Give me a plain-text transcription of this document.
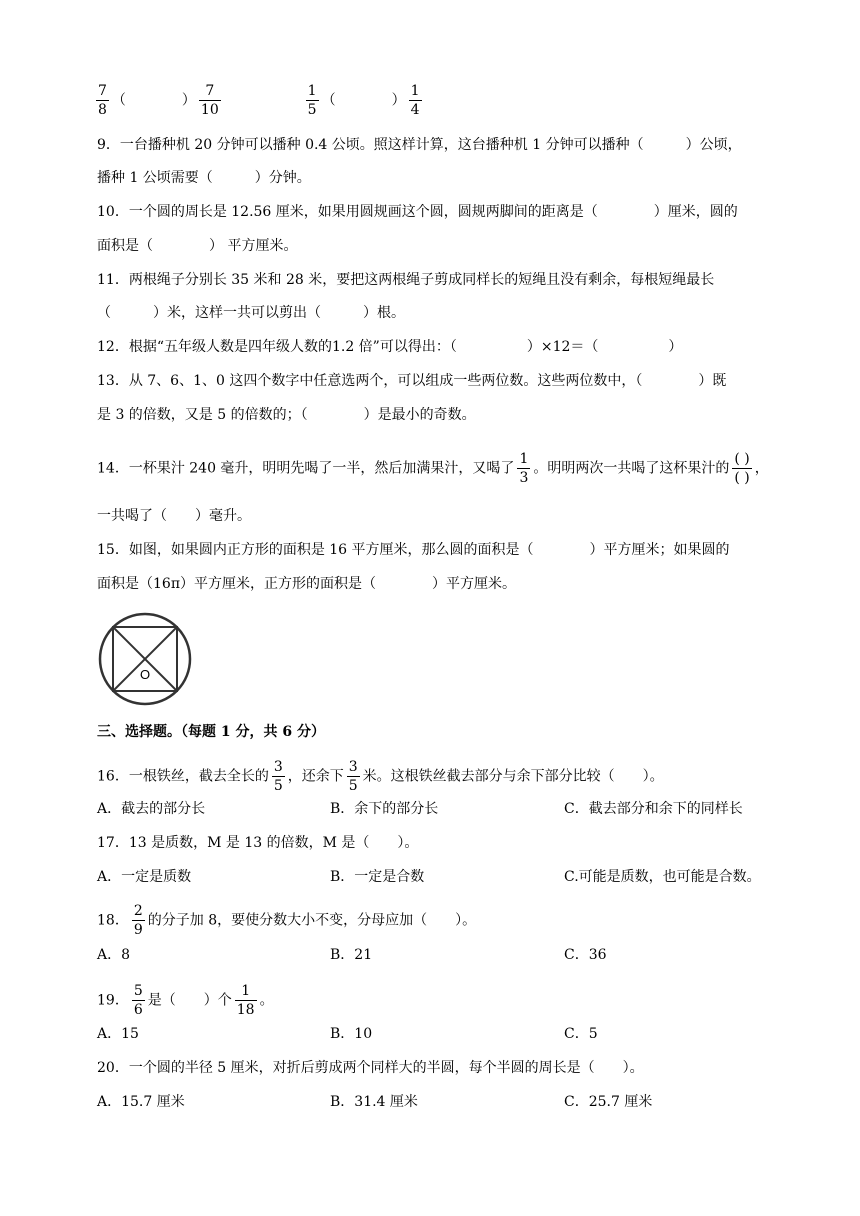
$\frac{7}{8}$ （　　　　） $\frac{7}{10}$
	$\frac{1}{5}$ （　　　　） $\frac{1}{4}$
9．一台播种机 20 分钟可以播种 0.4 公顷。照这样计算，这台播种机 1 分钟可以播种（　　　）公顷，
播种 1 公顷需要（　　　）分钟。
10．一个圆的周长是 12.56 厘米，如果用圆规画这个圆，圆规两脚间的距离是（　　　　）厘米，圆的
面积是（　　　　） 平方厘米。
11．两根绳子分别长 35 米和 28 米，要把这两根绳子剪成同样长的短绳且没有剩余，每根短绳最长
（　　　）米，这样一共可以剪出（　　　）根。
12．根据“五年级人数是四年级人数的1.2 倍”可以得出：（　　　　　）×12＝（　　　　　）
13．从 7、6、1、0 这四个数字中任意选两个，可以组成一些两位数。这些两位数中，（　　　　）既
是 3 的倍数，又是 5 的倍数的；（　　　　）是最小的奇数。
14．一杯果汁 240 毫升，明明先喝了一半，然后加满果汁，又喝了 $\frac{1}{3}$ 。明明两次一共喝了这杯果汁的 $\frac{( )}{( )}$ ，
一共喝了（　　）毫升。
15．如图，如果圆内正方形的面积是 16 平方厘米，那么圆的面积是（　　　　）平方厘米；如果圆的
面积是（16π）平方厘米，正方形的面积是（　　　　）平方厘米。
O
三、选择题。（每题 1 分，共 6 分）
16．一根铁丝，截去全长的 $\frac{3}{5}$ ，还余下 $\frac{3}{5}$ 米。这根铁丝截去部分与余下部分比较（　　）。
A．截去的部分长	B．余下的部分长	C．截去部分和余下的同样长
17．13 是质数，M 是 13 的倍数，M 是（　　）。
A．一定是质数	B．一定是合数	C.可能是质数，也可能是合数。
18． $\frac{2}{9}$ 的分子加 8，要使分数大小不变，分母应加（　　）。
A．8	B．21	C．36
19． $\frac{5}{6}$ 是（　　）个 $\frac{1}{18}$ 。
A．15	B．10	C．5
20．一个圆的半径 5 厘米，对折后剪成两个同样大的半圆，每个半圆的周长是（　　）。
A．15.7 厘米	B．31.4 厘米	C．25.7 厘米
